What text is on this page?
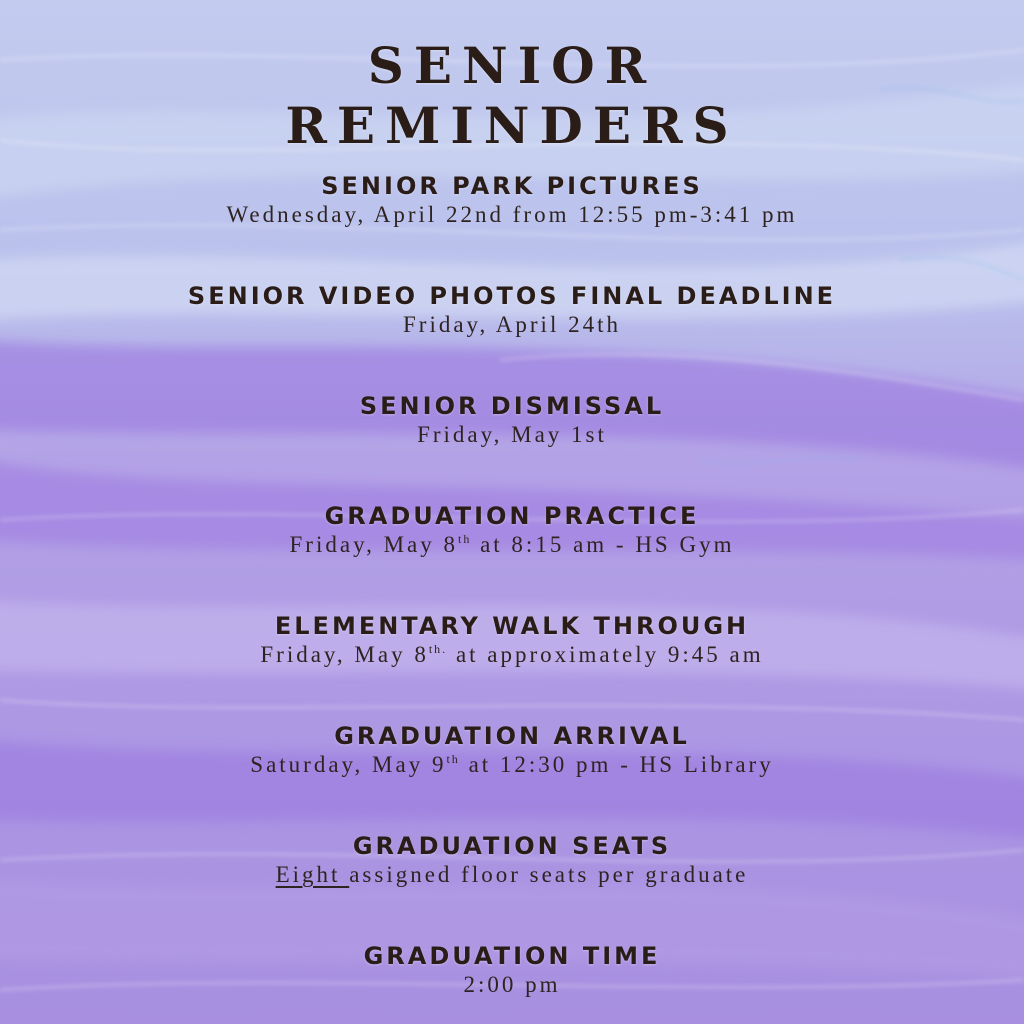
SENIOR
REMINDERS
SENIOR PARK PICTURES
Wednesday, April 22nd from 12:55 pm-3:41 pm
SENIOR VIDEO PHOTOS FINAL DEADLINE
Friday, April 24th
SENIOR DISMISSAL
Friday, May 1st
GRADUATION PRACTICE
Friday, May 8th at 8:15 am - HS Gym
ELEMENTARY WALK THROUGH
Friday, May $8^{th.}$ at approximately 9:45 am
GRADUATION ARRIVAL
Saturday, May 9th at 12:30 pm - HS Library
GRADUATION SEATS
Eight assigned floor seats per graduate
GRADUATION TIME
2:00 pm
